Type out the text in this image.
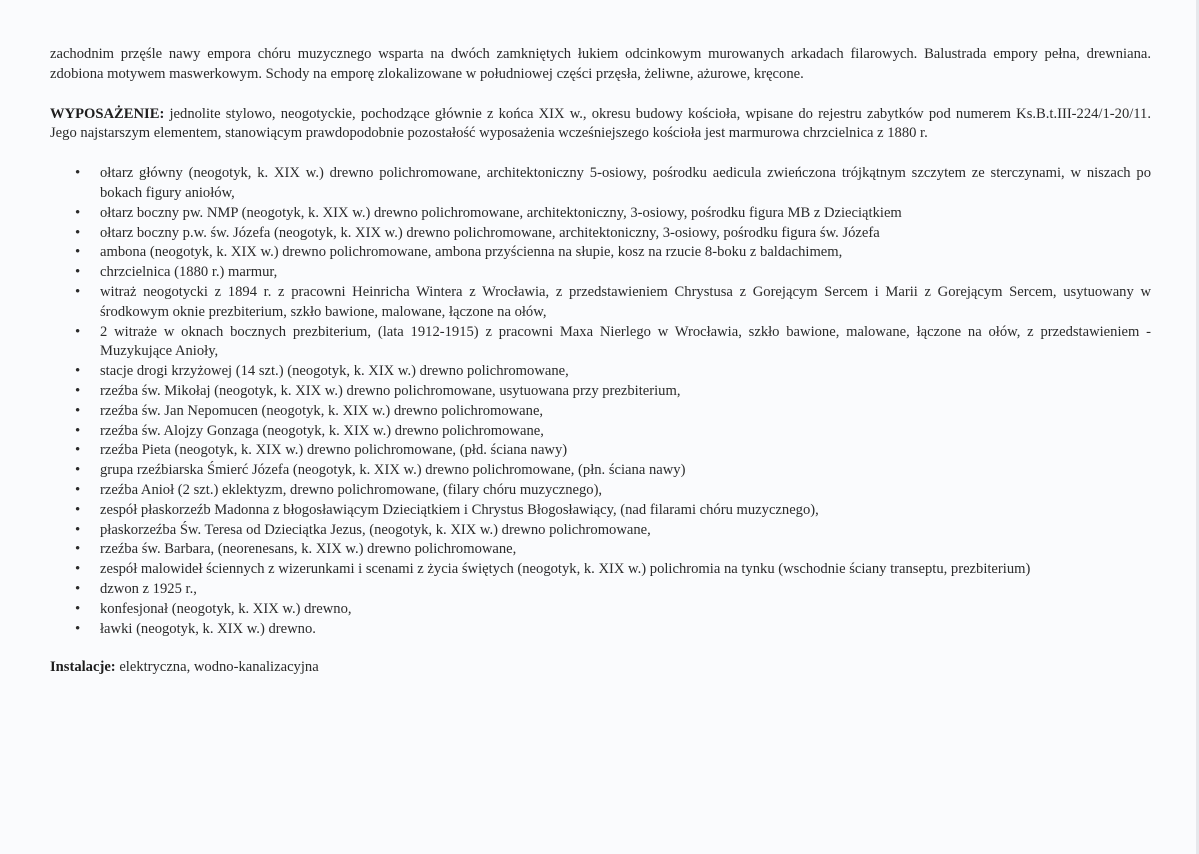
zachodnim przęśle nawy empora chóru muzycznego wsparta na dwóch zamkniętych łukiem odcinkowym murowanych arkadach filarowych. Balustrada empory pełna, drewniana. zdobiona motywem maswerkowym. Schody na emporę zlokalizowane w południowej części przęsła, żeliwne, ażurowe, kręcone.

WYPOSAŻENIE: jednolite stylowo, neogotyckie, pochodzące głównie z końca XIX w., okresu budowy kościoła, wpisane do rejestru zabytków pod numerem Ks.B.t.III-224/1-20/11. Jego najstarszym elementem, stanowiącym prawdopodobnie pozostałość wyposażenia wcześniejszego kościoła jest marmurowa chrzcielnica z 1880 r.

• ołtarz główny (neogotyk, k. XIX w.) drewno polichromowane, architektoniczny 5-osiowy, pośrodku aedicula zwieńczona trójkątnym szczytem ze sterczynami, w niszach po bokach figury aniołów,
• ołtarz boczny pw. NMP (neogotyk, k. XIX w.) drewno polichromowane, architektoniczny, 3-osiowy, pośrodku figura MB z Dzieciątkiem
• ołtarz boczny p.w. św. Józefa (neogotyk, k. XIX w.) drewno polichromowane, architektoniczny, 3-osiowy, pośrodku figura św. Józefa
• ambona (neogotyk, k. XIX w.) drewno polichromowane, ambona przyścienna na słupie, kosz na rzucie 8-boku z baldachimem,
• chrzcielnica (1880 r.) marmur,
• witraż neogotycki z 1894 r. z pracowni Heinricha Wintera z Wrocławia, z przedstawieniem Chrystusa z Gorejącym Sercem i Marii z Gorejącym Sercem, usytuowany w środkowym oknie prezbiterium, szkło bawione, malowane, łączone na ołów,
• 2 witraże w oknach bocznych prezbiterium, (lata 1912-1915) z pracowni Maxa Nierlego w Wrocławia, szkło bawione, malowane, łączone na ołów, z przedstawieniem - Muzykujące Anioły,
• stacje drogi krzyżowej (14 szt.) (neogotyk, k. XIX w.) drewno polichromowane,
• rzeźba św. Mikołaj (neogotyk, k. XIX w.) drewno polichromowane, usytuowana przy prezbiterium,
• rzeźba św. Jan Nepomucen (neogotyk, k. XIX w.) drewno polichromowane,
• rzeźba św. Alojzy Gonzaga (neogotyk, k. XIX w.) drewno polichromowane,
• rzeźba Pieta (neogotyk, k. XIX w.) drewno polichromowane, (płd. ściana nawy)
• grupa rzeźbiarska Śmierć Józefa (neogotyk, k. XIX w.) drewno polichromowane, (płn. ściana nawy)
• rzeźba Anioł (2 szt.) eklektyzm, drewno polichromowane, (filary chóru muzycznego),
• zespół płaskorzeźb Madonna z błogosławiącym Dzieciątkiem i Chrystus Błogosławiący, (nad filarami chóru muzycznego),
• płaskorzeźba Św. Teresa od Dzieciątka Jezus, (neogotyk, k. XIX w.) drewno polichromowane,
• rzeźba św. Barbara, (neorenesans, k. XIX w.) drewno polichromowane,
• zespół malowideł ściennych z wizerunkami i scenami z życia świętych (neogotyk, k. XIX w.) polichromia na tynku (wschodnie ściany transeptu, prezbiterium)
• dzwon z 1925 r.,
• konfesjonał (neogotyk, k. XIX w.) drewno,
• ławki (neogotyk, k. XIX w.) drewno.

Instalacje: elektryczna, wodno-kanalizacyjna
